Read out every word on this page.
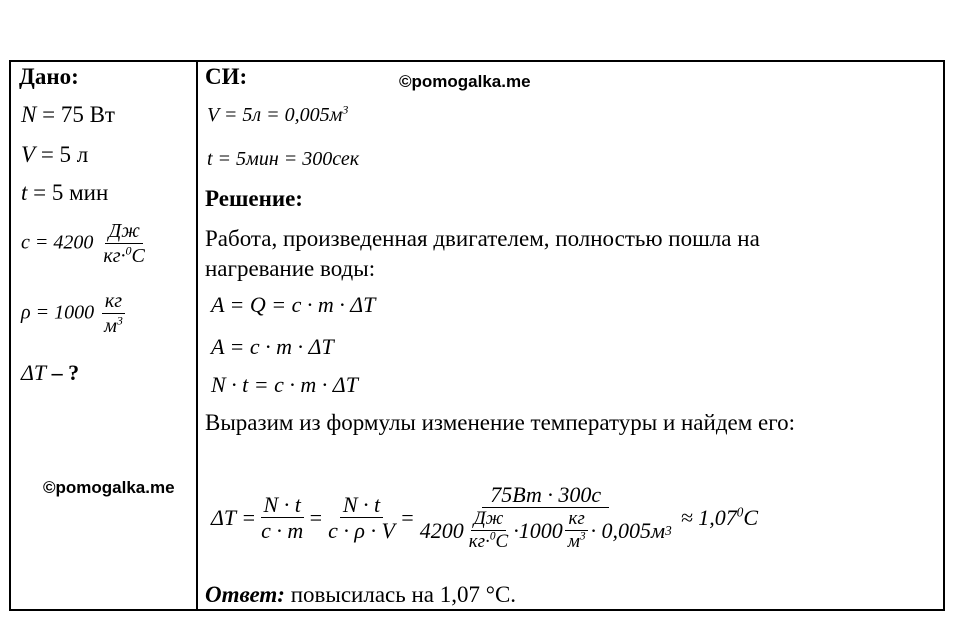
Дано:
N = 75 Вт
V = 5 л
t = 5 мин
$c = 4200 \frac{Дж}{кг\cdot^0C}$
$\rho = 1000 \frac{кг}{м^3}$
ΔT – ?
©pomogalka.me
СИ:	©pomogalka.me
$V = 5л = 0,005м^3$
t = 5мин = 300сек
Решение:
Работа, произведенная двигателем, полностью пошла на
нагревание воды:
A = Q = c · m · ΔT
A = c · m · ΔT
N · t = c · m · ΔT
Выразим из формулы изменение температуры и найдем его:
$\Delta T = \frac{N \cdot t}{c \cdot m} = \frac{N \cdot t}{c \cdot \rho \cdot V}$ =
75Вт · 300с
$4200 \frac{Дж}{кг\cdot^0C} \cdot 1000 \frac{кг}{м^3} \cdot 0,005м$ 3
≈ $1,07^0C$
Ответ: повысилась на 1,07 °С.
